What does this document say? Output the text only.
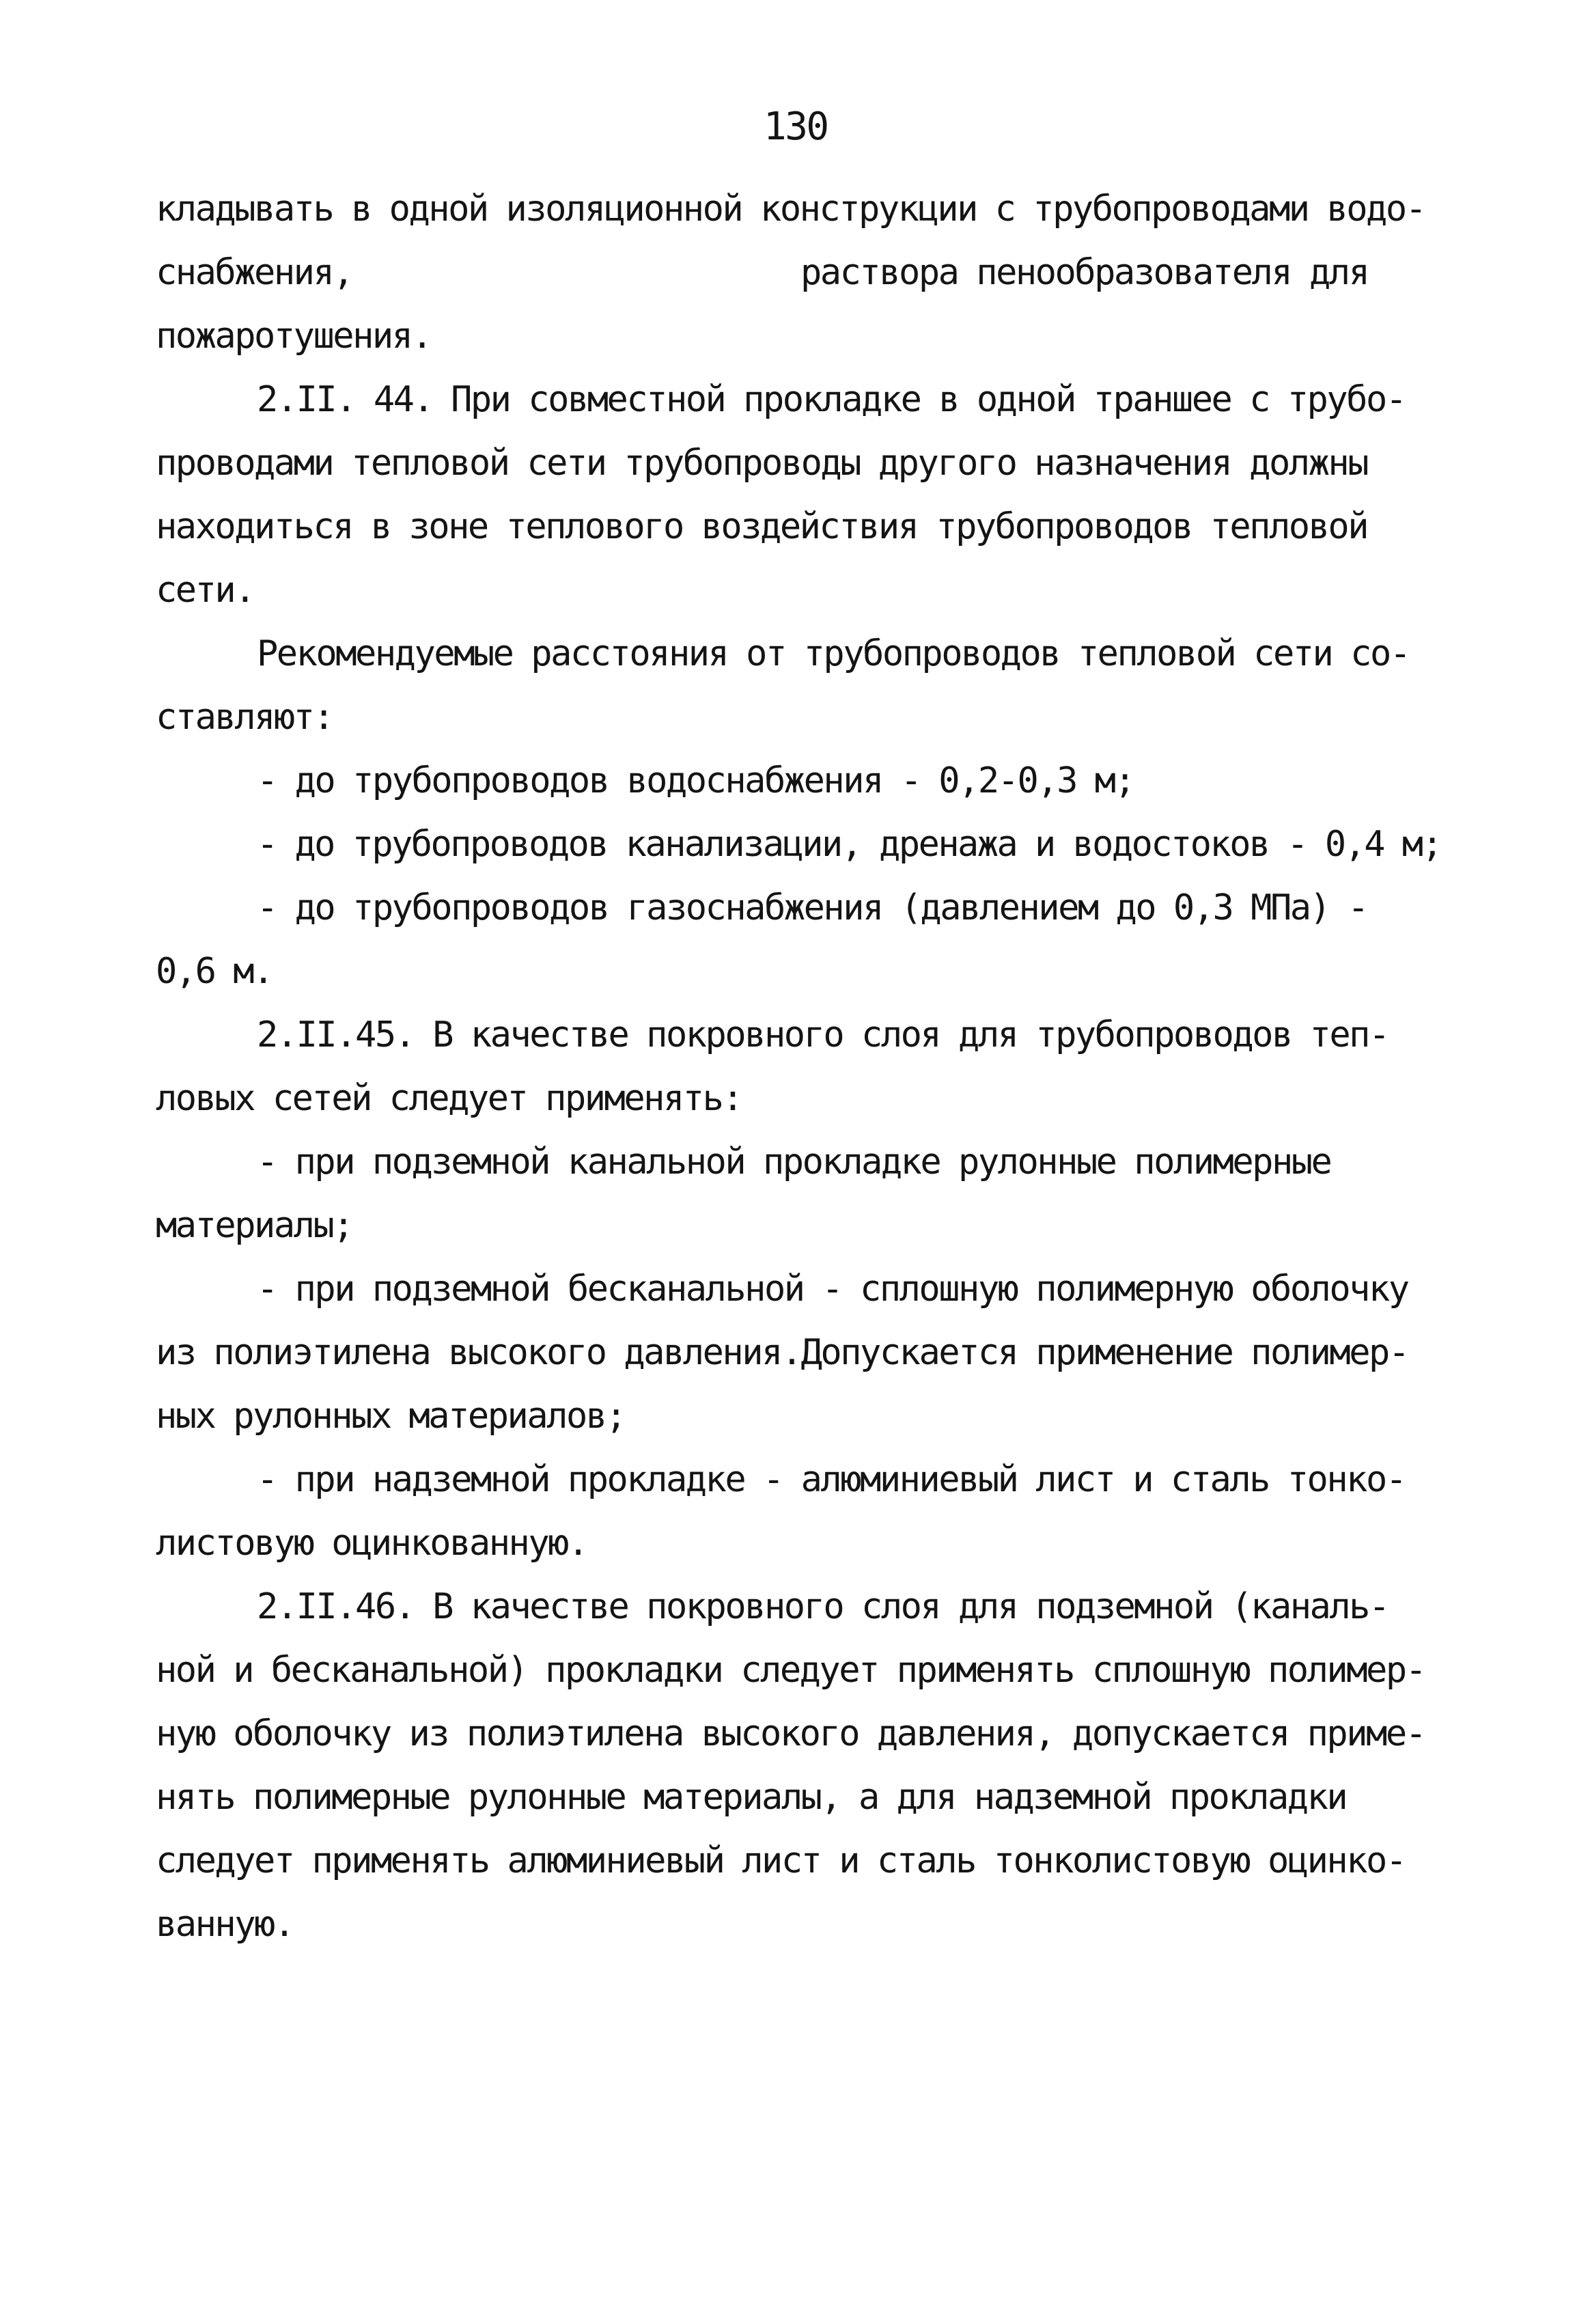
130
кладывать в одной изоляционной конструкции с трубопроводами водо-
снабжения,	раствора пенообразователя для
пожаротушения.
2.II. 44. При совместной прокладке в одной траншее с трубо-
проводами тепловой сети трубопроводы другого назначения должны
находиться в зоне теплового воздействия трубопроводов тепловой
сети.
Рекомендуемые расстояния от трубопроводов тепловой сети со-
ставляют:
- до трубопроводов водоснабжения - 0,2-0,3 м;
- до трубопроводов канализации, дренажа и водостоков - 0,4 м;
- до трубопроводов газоснабжения (давлением до 0,3 МПа) -
0,6 м.
2.II.45. В качестве покровного слоя для трубопроводов теп-
ловых сетей следует применять:
- при подземной канальной прокладке рулонные полимерные
материалы;
- при подземной бесканальной - сплошную полимерную оболочку
из полиэтилена высокого давления.Допускается применение полимер-
ных рулонных материалов;
- при надземной прокладке - алюминиевый лист и сталь тонко-
листовую оцинкованную.
2.II.46. В качестве покровного слоя для подземной (каналь-
ной и бесканальной) прокладки следует применять сплошную полимер-
ную оболочку из полиэтилена высокого давления, допускается приме-
нять полимерные рулонные материалы, а для надземной прокладки
следует применять алюминиевый лист и сталь тонколистовую оцинко-
ванную.
